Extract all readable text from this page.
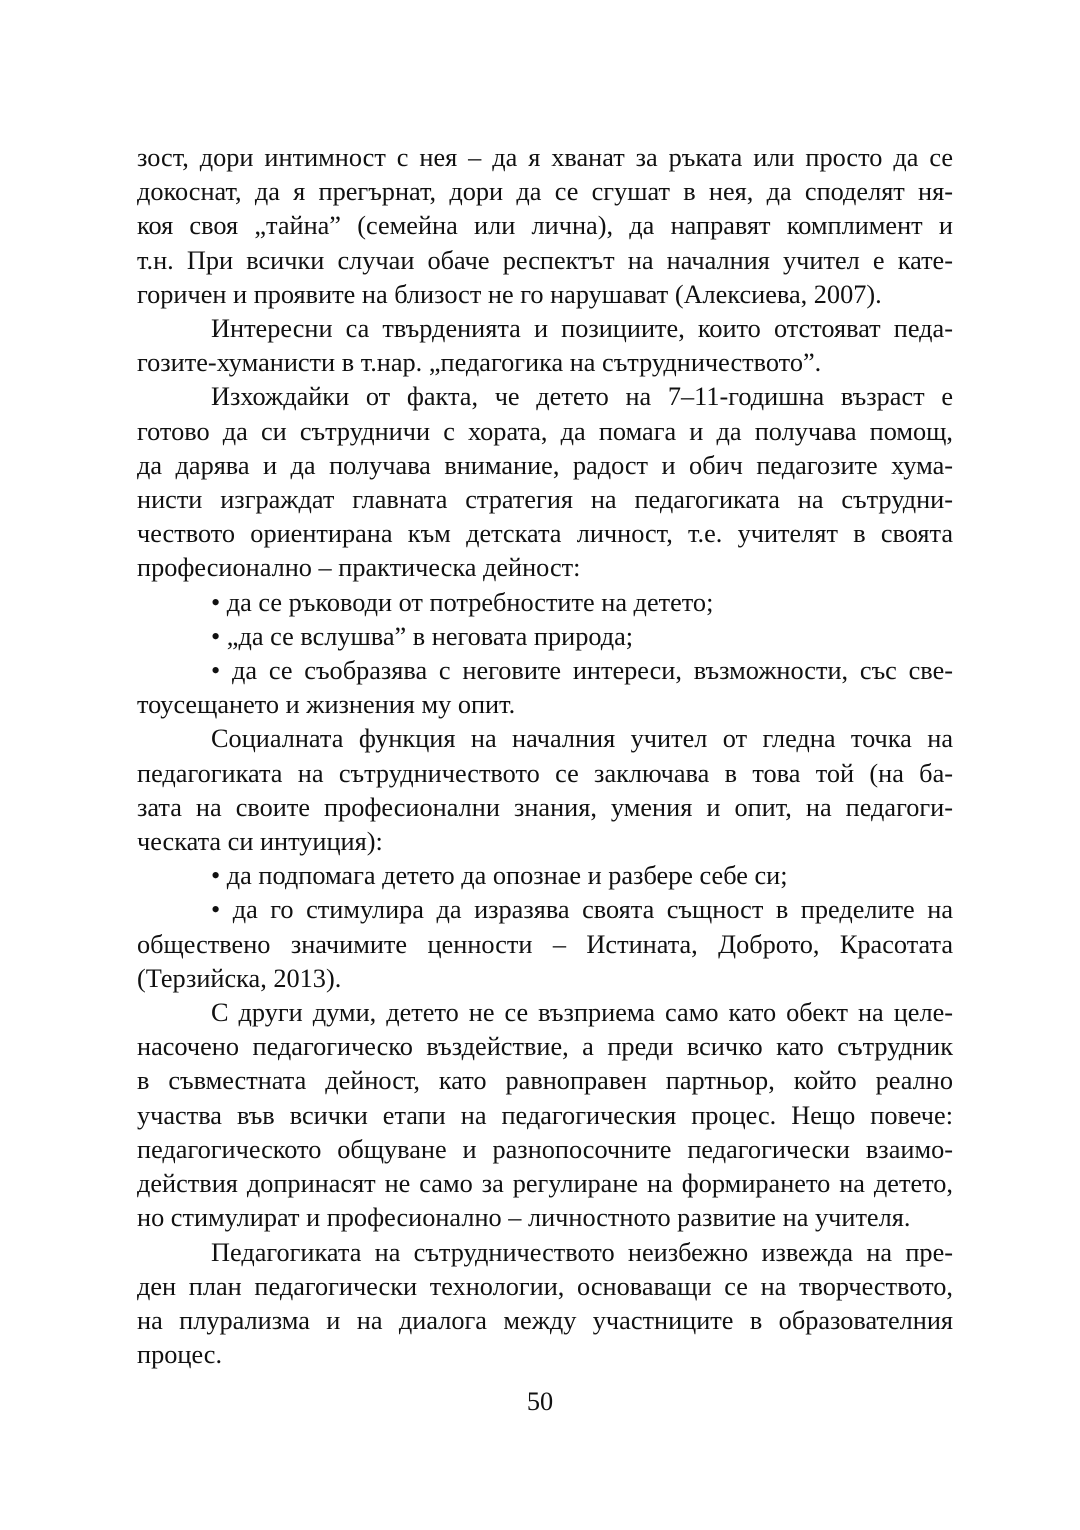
зост, дори интимност с нея – да я хванат за ръката или просто да се
докоснат, да я прегърнат, дори да се сгушат в нея, да споделят ня-
коя своя „тайна” (семейна или лична), да направят комплимент и
т.н. При всички случаи обаче респектът на началния учител е кате-
горичен и проявите на близост не го нарушават (Алексиева, 2007).
Интересни са твърденията и позициите, които отстояват педа-
гозите-хуманисти в т.нар. „педагогика на сътрудничеството”.
Изхождайки от факта, че детето на 7–11-годишна възраст е
готово да си сътрудничи с хората, да помага и да получава помощ,
да дарява и да получава внимание, радост и обич педагозите хума-
нисти изграждат главната стратегия на педагогиката на сътрудни-
чеството ориентирана към детската личност, т.е. учителят в своята
професионално – практическа дейност:
• да се ръководи от потребностите на детето;
• „да се вслушва” в неговата природа;
• да се съобразява с неговите интереси, възможности, със све-
тоусещането и жизнения му опит.
Социалната функция на началния учител от гледна точка на
педагогиката на сътрудничеството се заключава в това той (на ба-
зата на своите професионални знания, умения и опит, на педагоги-
ческата си интуиция):
• да подпомага детето да опознае и разбере себе си;
• да го стимулира да изразява своята същност в пределите на
обществено значимите ценности – Истината, Доброто, Красотата
(Терзийска, 2013).
С други думи, детето не се възприема само като обект на целе-
насочено педагогическо въздействие, а преди всичко като сътрудник
в съвместната дейност, като равноправен партньор, който реално
участва във всички етапи на педагогическия процес. Нещо повече:
педагогическото общуване и разнопосочните педагогически взаимо-
действия допринасят не само за регулиране на формирането на детето,
но стимулират и професионално – личностното развитие на учителя.
Педагогиката на сътрудничеството неизбежно извежда на пре-
ден план педагогически технологии, основаващи се на творчеството,
на плурализма и на диалога между участниците в образователния
процес.
50
